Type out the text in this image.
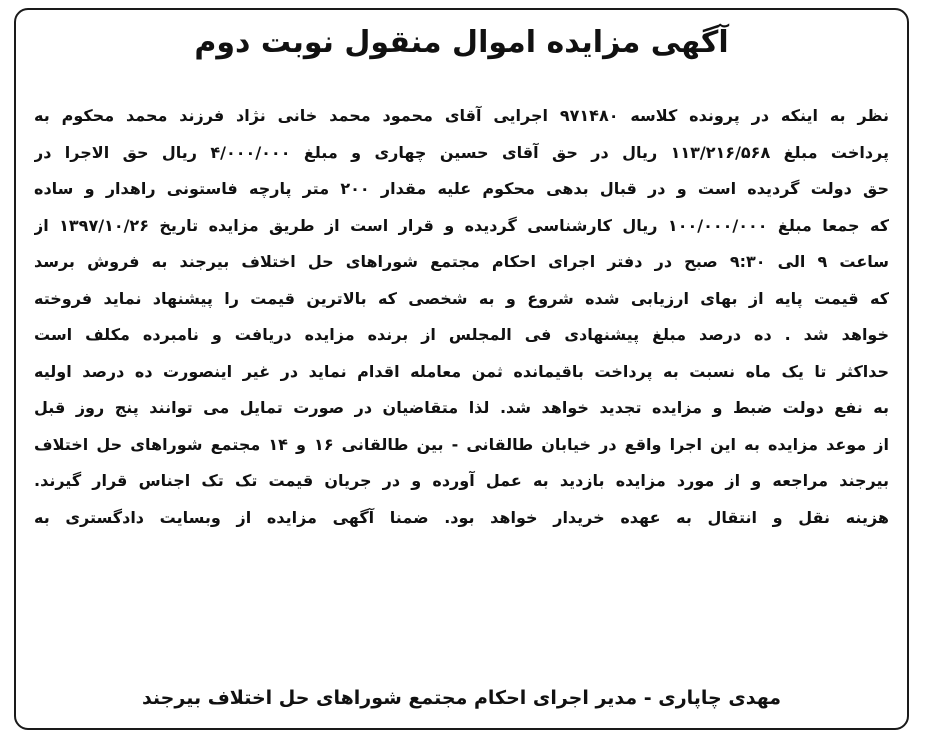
آگهی مزایده اموال منقول نوبت دوم
نظر به اینکه در پرونده کلاسه ۹۷۱۴۸۰ اجرایی آقای محمود محمد خانی نژاد فرزند محمد محکوم به
پرداخت مبلغ ۱۱۳/۲۱۶/۵۶۸ ریال در حق آقای حسین چهاری و مبلغ ۴/۰۰۰/۰۰۰ ریال حق الاجرا در
حق دولت گردیده است و در قبال بدهی محکوم علیه مقدار ۲۰۰ متر پارچه فاستونی راهدار و ساده
که جمعا مبلغ ۱۰۰/۰۰۰/۰۰۰ ریال کارشناسی گردیده و قرار است از طریق مزایده تاریخ ۱۳۹۷/۱۰/۲۶ از
ساعت ۹ الی ۹:۳۰ صبح در دفتر اجرای احکام مجتمع شوراهای حل اختلاف بیرجند به فروش برسد
که قیمت پایه از بهای ارزیابی شده شروع و به شخصی که بالاترین قیمت را پیشنهاد نماید فروخته
خواهد شد . ده درصد مبلغ پیشنهادی فی المجلس از برنده مزایده دریافت و نامبرده مکلف است
حداکثر تا یک ماه نسبت به پرداخت باقیمانده ثمن معامله اقدام نماید در غیر اینصورت ده درصد اولیه
به نفع دولت ضبط و مزایده تجدید خواهد شد. لذا متقاضیان در صورت تمایل می توانند پنج روز قبل
از موعد مزایده به این اجرا واقع در خیابان طالقانی - بین طالقانی ۱۶ و ۱۴ مجتمع شوراهای حل اختلاف
بیرجند مراجعه و از مورد مزایده بازدید به عمل آورده و در جریان قیمت تک تک اجناس قرار گیرند.
هزینه نقل و انتقال به عهده خریدار خواهد بود. ضمنا آگهی مزایده از وبسایت دادگستری به
مهدی چاپاری - مدیر اجرای احکام مجتمع شوراهای حل اختلاف بیرجند
